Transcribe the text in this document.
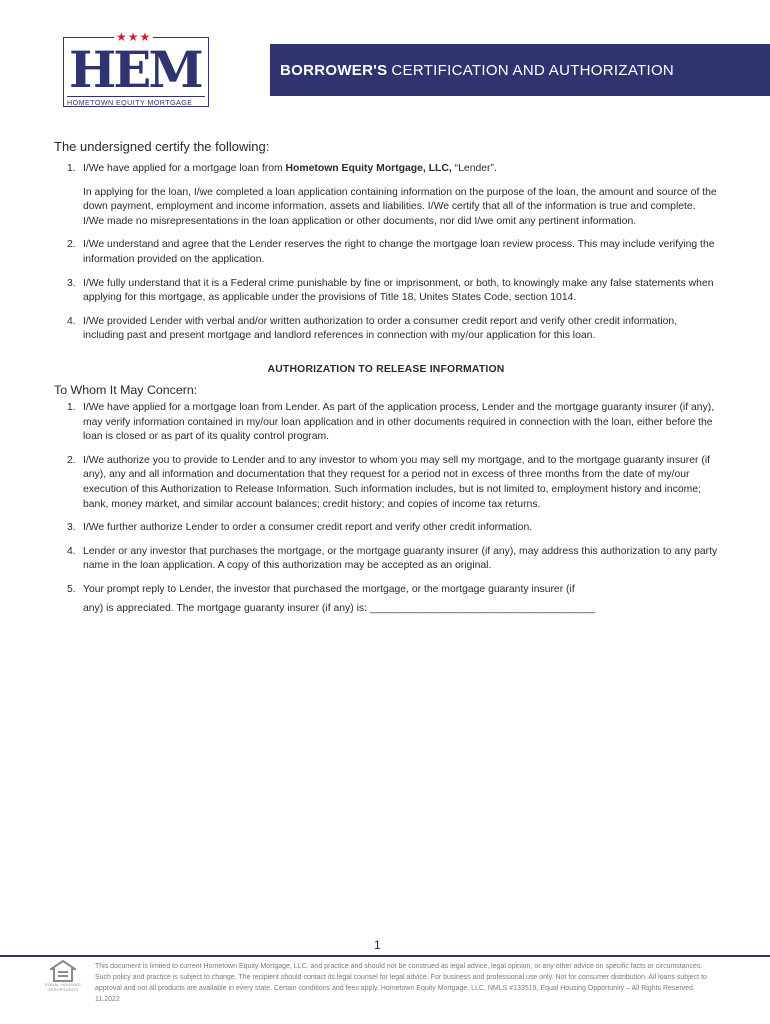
★★★
HEM
HOMETOWN EQUITY MORTGAGE
BORROWER'S CERTIFICATION AND AUTHORIZATION
The undersigned certify the following:
1. I/We have applied for a mortgage loan from Hometown Equity Mortgage, LLC, “Lender”.

In applying for the loan, I/we completed a loan application containing information on the purpose of the loan, the amount and source of the down payment, employment and income information, assets and liabilities. I/We certify that all of the information is true and complete. I/We made no misrepresentations in the loan application or other documents, nor did I/we omit any pertinent information.

2. I/We understand and agree that the Lender reserves the right to change the mortgage loan review process. This may include verifying the information provided on the application.

3. I/We fully understand that it is a Federal crime punishable by fine or imprisonment, or both, to knowingly make any false statements when applying for this mortgage, as applicable under the provisions of Title 18, Unites States Code, section 1014.

4. I/We provided Lender with verbal and/or written authorization to order a consumer credit report and verify other credit information, including past and present mortgage and landlord references in connection with my/our application for this loan.

AUTHORIZATION TO RELEASE INFORMATION
To Whom It May Concern:
1. I/We have applied for a mortgage loan from Lender. As part of the application process, Lender and the mortgage guaranty insurer (if any), may verify information contained in my/our loan application and in other documents required in connection with the loan, either before the loan is closed or as part of its quality control program.

2. I/We authorize you to provide to Lender and to any investor to whom you may sell my mortgage, and to the mortgage guaranty insurer (if any), any and all information and documentation that they request for a period not in excess of three months from the date of my/our execution of this Authorization to Release Information. Such information includes, but is not limited to, employment history and income; bank, money market, and similar account balances; credit history; and copies of income tax returns.

3. I/We further authorize Lender to order a consumer credit report and verify other credit information.

4. Lender or any investor that purchases the mortgage, or the mortgage guaranty insurer (if any), may address this authorization to any party name in the loan application. A copy of this authorization may be accepted as an original.

5. Your prompt reply to Lender, the investor that purchased the mortgage, or the mortgage guaranty insurer (if

any) is appreciated. The mortgage guaranty insurer (if any) is: _______________________________________

1
EQUAL HOUSING OPPORTUNITY
This document is limited to current Hometown Equity Mortgage, LLC. and practice and should not be construed as legal advice, legal opinion, or any other advice on specific facts or circumstances. Such policy and practice is subject to change. The recipient should contact its legal counsel for legal advice. For business and professional use only. Not for consumer distribution. All loans subject to approval and not all products are available in every state. Certain conditions and fees apply. Hometown Equity Mortgage, LLC, NMLS #133519, Equal Housing Opportunity – All Rights Reserved. 11.2022
